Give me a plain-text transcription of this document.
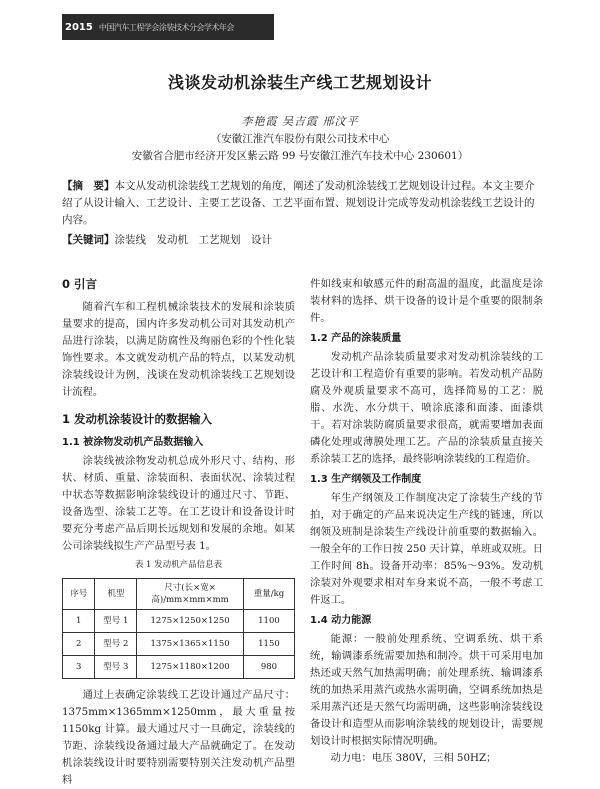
2015 中国汽车工程学会涂装技术分会学术年会
浅谈发动机涂装生产线工艺规划设计
李艳霞 吴吉霞 邢汶平
（安徽江淮汽车股份有限公司技术中心
安徽省合肥市经济开发区紫云路 99 号安徽江淮汽车技术中心 230601）

【摘　要】本文从发动机涂装线工艺规划的角度，阐述了发动机涂装线工艺规划设计过程。本文主要介绍了从设计输入、工艺设计、主要工艺设备、工艺平面布置、规划设计完成等发动机涂装线工艺设计的内容。

【关键词】涂装线　发动机　工艺规划　设计

0 引言

随着汽车和工程机械涂装技术的发展和涂装质量要求的提高，国内许多发动机公司对其发动机产品进行涂装，以满足防腐性及绚丽色彩的个性化装饰性要求。本文就发动机产品的特点，以某发动机涂装线设计为例，浅谈在发动机涂装线工艺规划设计流程。

1 发动机涂装设计的数据输入
1.1 被涂物发动机产品数据输入

涂装线被涂物发动机总成外形尺寸、结构、形状、材质、重量、涂装面积、表面状况、涂装过程中状态等数据影响涂装线设计的通过尺寸、节距、设备选型、涂装工艺等。在工艺设计和设备设计时要充分考虑产品后期长远规划和发展的余地。如某公司涂装线拟生产产品型号表 1。

表 1 发动机产品信息表
序号	机型	尺寸(长×宽×高)/mm×mm×mm	重量/kg
1	型号 1	1275×1250×1250	1100
2	型号 2	1375×1365×1150	1150
3	型号 3	1275×1180×1200	980

通过上表确定涂装线工艺设计通过产品尺寸：1375mm×1365mm×1250mm，最大重量按 1150kg 计算。最大通过尺寸一旦确定，涂装线的节距、涂装线设备通过最大产品就确定了。在发动机涂装线设计时要特别需要特别关注发动机产品塑料

件如线束和敏感元件的耐高温的温度，此温度是涂装材料的选择、烘干设备的设计是个重要的限制条件。

1.2 产品的涂装质量

发动机产品涂装质量要求对发动机涂装线的工艺设计和工程造价有重要的影响。若发动机产品防腐及外观质量要求不高可，选择简易的工艺：脱脂、水洗、水分烘干、喷涂底漆和面漆、面漆烘干。若对涂装防腐质量要求很高，就需要增加表面磷化处理或薄膜处理工艺。产品的涂装质量直接关系涂装工艺的选择，最终影响涂装线的工程造价。

1.3 生产纲领及工作制度

年生产纲领及工作制度决定了涂装生产线的节拍，对于确定的产品来说决定生产线的链速，所以纲领及班制是涂装生产线设计前重要的数据输入。一般全年的工作日按 250 天计算，单班或双班。日工作时间 8h。设备开动率：85%～93%。发动机涂装对外观要求相对车身来说不高，一般不考虑工件返工。

1.4 动力能源

能源：一般前处理系统、空调系统、烘干系统，输调漆系统需要加热和制冷。烘干可采用电加热还或天然气加热需明确；前处理系统、输调漆系统的加热采用蒸汽或热水需明确，空调系统加热是采用蒸汽还是天然气均需明确，这些影响涂装线设备设计和造型从而影响涂装线的规划设计，需要规划设计时根据实际情况明确。

动力电：电压 380V，三相 50HZ；
